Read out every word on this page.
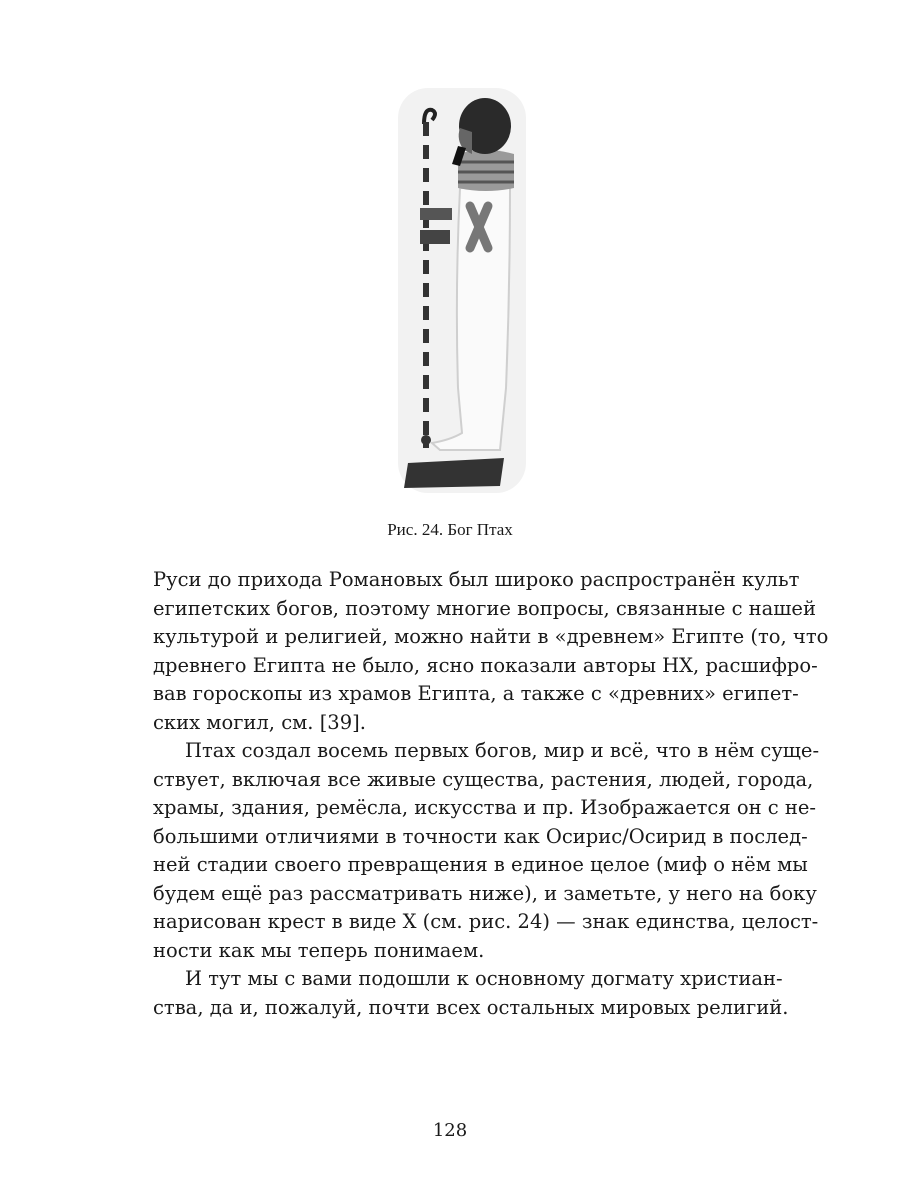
Рис. 24. Бог Птах

Руси до прихода Романовых был широко распространён культ
египетских богов, поэтому многие вопросы, связанные с нашей
культурой и религией, можно найти в «древнем» Египте (то, что
древнего Египта не было, ясно показали авторы НХ, расшифро-
вав гороскопы из храмов Египта, а также с «древних» египет-
ских могил, см. [39].

Птах создал восемь первых богов, мир и всё, что в нём суще-
ствует, включая все живые существа, растения, людей, города,
храмы, здания, ремёсла, искусства и пр. Изображается он с не-
большими отличиями в точности как Осирис/Осирид в послед-
ней стадии своего превращения в единое целое (миф о нём мы
будем ещё раз рассматривать ниже), и заметьте, у него на боку
нарисован крест в виде Х (см. рис. 24) — знак единства, целост-
ности как мы теперь понимаем.

И тут мы с вами подошли к основному догмату христиан-
ства, да и, пожалуй, почти всех остальных мировых религий.

128
